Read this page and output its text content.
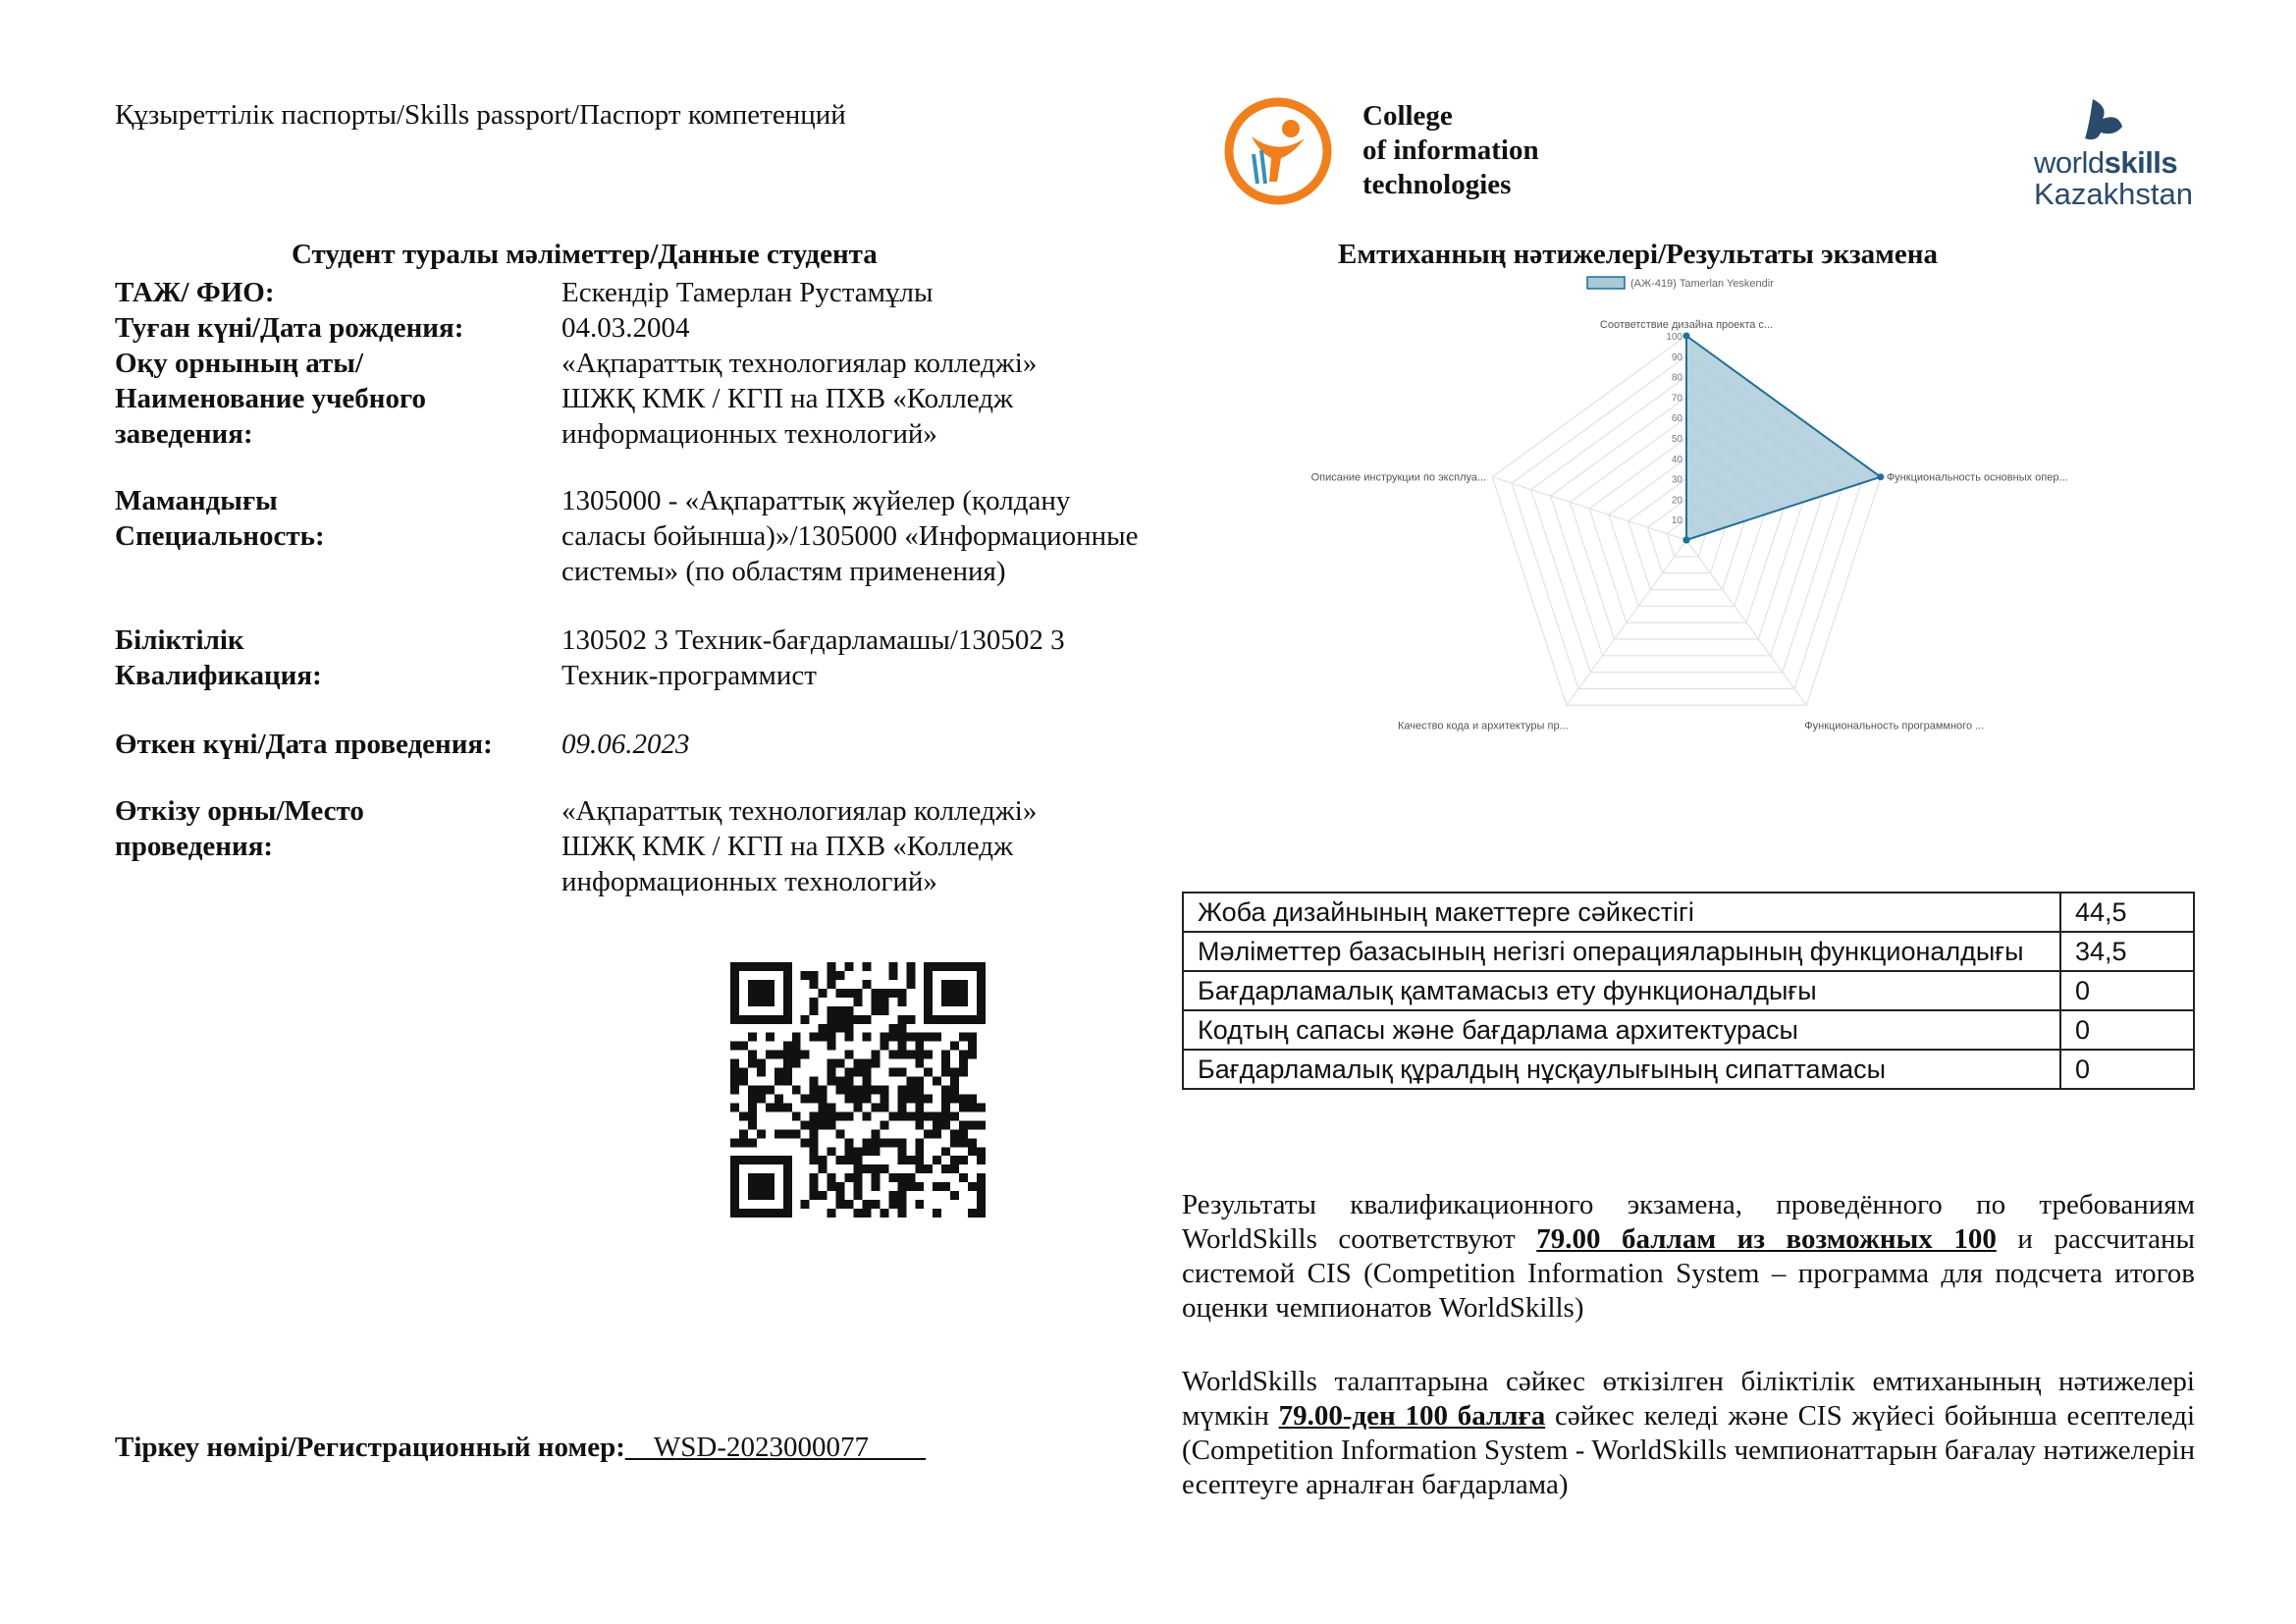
Құзыреттілік паспорты/Skills passport/Паспорт компетенций	College
of information
technologies
worldskills
Kazakhstan
Студент туралы мәліметтер/Данные студента	Емтиханның нәтижелері/Результаты экзамена
ТАЖ/ ФИО:	Ескендір Тамерлан Рустамұлы
Туған күні/Дата рождения:	04.03.2004
Оқу орнының аты/Наименование учебного заведения:
«Ақпараттық технологиялар колледжі» ШЖҚ КМК / КГП на ПХВ «Колледж информационных технологий»
Мамандығы Специальность:
1305000 - «Ақпараттық жүйелер (қолдану саласы бойынша)»/1305000 «Информационные системы» (по областям применения)
Біліктілік Квалификация:
130502 3 Техник-бағдарламашы/130502 3 Техник-программист
Өткен күні/Дата проведения:	09.06.2023
Өткізу орны/Место проведения:
«Ақпараттық технологиялар колледжі» ШЖҚ КМК / КГП на ПХВ «Колледж информационных технологий»
Тіркеу нөмірі/Регистрационный номер:__WSD-2023000077____
10
20
30
40
50
60
70
80
90
100
Соответствие дизайна проекта с...
Функциональность основных опер...
Функциональность программного ...
Качество кода и архитектуры пр...
Описание инструкции по эксплуа...
(АЖ-419) Tamerlan Yeskendir
Жоба дизайнының макеттерге сәйкестігі	44,5
Мәліметтер базасының негізгі операцияларының функционалдығы	34,5
Бағдарламалық қамтамасыз ету функционалдығы	0
Кодтың сапасы және бағдарлама архитектурасы	0
Бағдарламалық құралдың нұсқаулығының сипаттамасы	0
Результаты квалификационного экзамена, проведённого по требованиям WorldSkills соответствуют 79.00 баллам из возможных 100 и рассчитаны системой CIS (Competition Information System – программа для подсчета итогов оценки чемпионатов WorldSkills)
WorldSkills талаптарына сәйкес өткізілген біліктілік емтиханының нәтижелері мүмкін 79.00-ден 100 баллға сәйкес келеді және CIS жүйесі бойынша есептеледі (Competition Information System - WorldSkills чемпионаттарын бағалау нәтижелерін есептеуге арналған бағдарлама)
